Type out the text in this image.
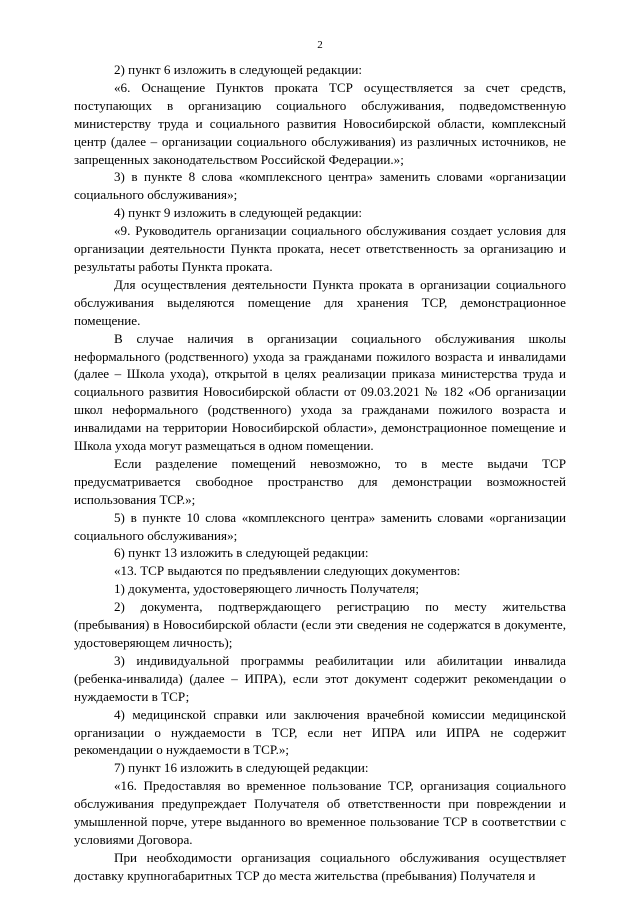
2

2) пункт 6 изложить в следующей редакции:

«6. Оснащение Пунктов проката ТСР осуществляется за счет средств, поступающих в организацию социального обслуживания, подведомственную министерству труда и социального развития Новосибирской области, комплексный центр (далее – организации социального обслуживания) из различных источников, не запрещенных законодательством Российской Федерации.»;

3) в пункте 8 слова «комплексного центра» заменить словами «организации социального обслуживания»;

4) пункт 9 изложить в следующей редакции:

«9. Руководитель организации социального обслуживания создает условия для организации деятельности Пункта проката, несет ответственность за организацию и результаты работы Пункта проката.

Для осуществления деятельности Пункта проката в организации социального обслуживания выделяются помещение для хранения ТСР, демонстрационное помещение.

В случае наличия в организации социального обслуживания школы неформального (родственного) ухода за гражданами пожилого возраста и инвалидами (далее – Школа ухода), открытой в целях реализации приказа министерства труда и социального развития Новосибирской области от 09.03.2021 № 182 «Об организации школ неформального (родственного) ухода за гражданами пожилого возраста и инвалидами на территории Новосибирской области», демонстрационное помещение и Школа ухода могут размещаться в одном помещении.

Если разделение помещений невозможно, то в месте выдачи ТСР предусматривается свободное пространство для демонстрации возможностей использования ТСР.»;

5) в пункте 10 слова «комплексного центра» заменить словами «организации социального обслуживания»;

6) пункт 13 изложить в следующей редакции:

«13. ТСР выдаются по предъявлении следующих документов:

1) документа, удостоверяющего личность Получателя;

2) документа, подтверждающего регистрацию по месту жительства (пребывания) в Новосибирской области (если эти сведения не содержатся в документе, удостоверяющем личность);

3) индивидуальной программы реабилитации или абилитации инвалида (ребенка-инвалида) (далее – ИПРА), если этот документ содержит рекомендации о нуждаемости в ТСР;

4) медицинской справки или заключения врачебной комиссии медицинской организации о нуждаемости в ТСР, если нет ИПРА или ИПРА не содержит рекомендации о нуждаемости в ТСР.»;

7) пункт 16 изложить в следующей редакции:

«16. Предоставляя во временное пользование ТСР, организация социального обслуживания предупреждает Получателя об ответственности при повреждении и умышленной порче, утере выданного во временное пользование ТСР в соответствии с условиями Договора.

При необходимости организация социального обслуживания осуществляет доставку крупногабаритных ТСР до места жительства (пребывания) Получателя и
